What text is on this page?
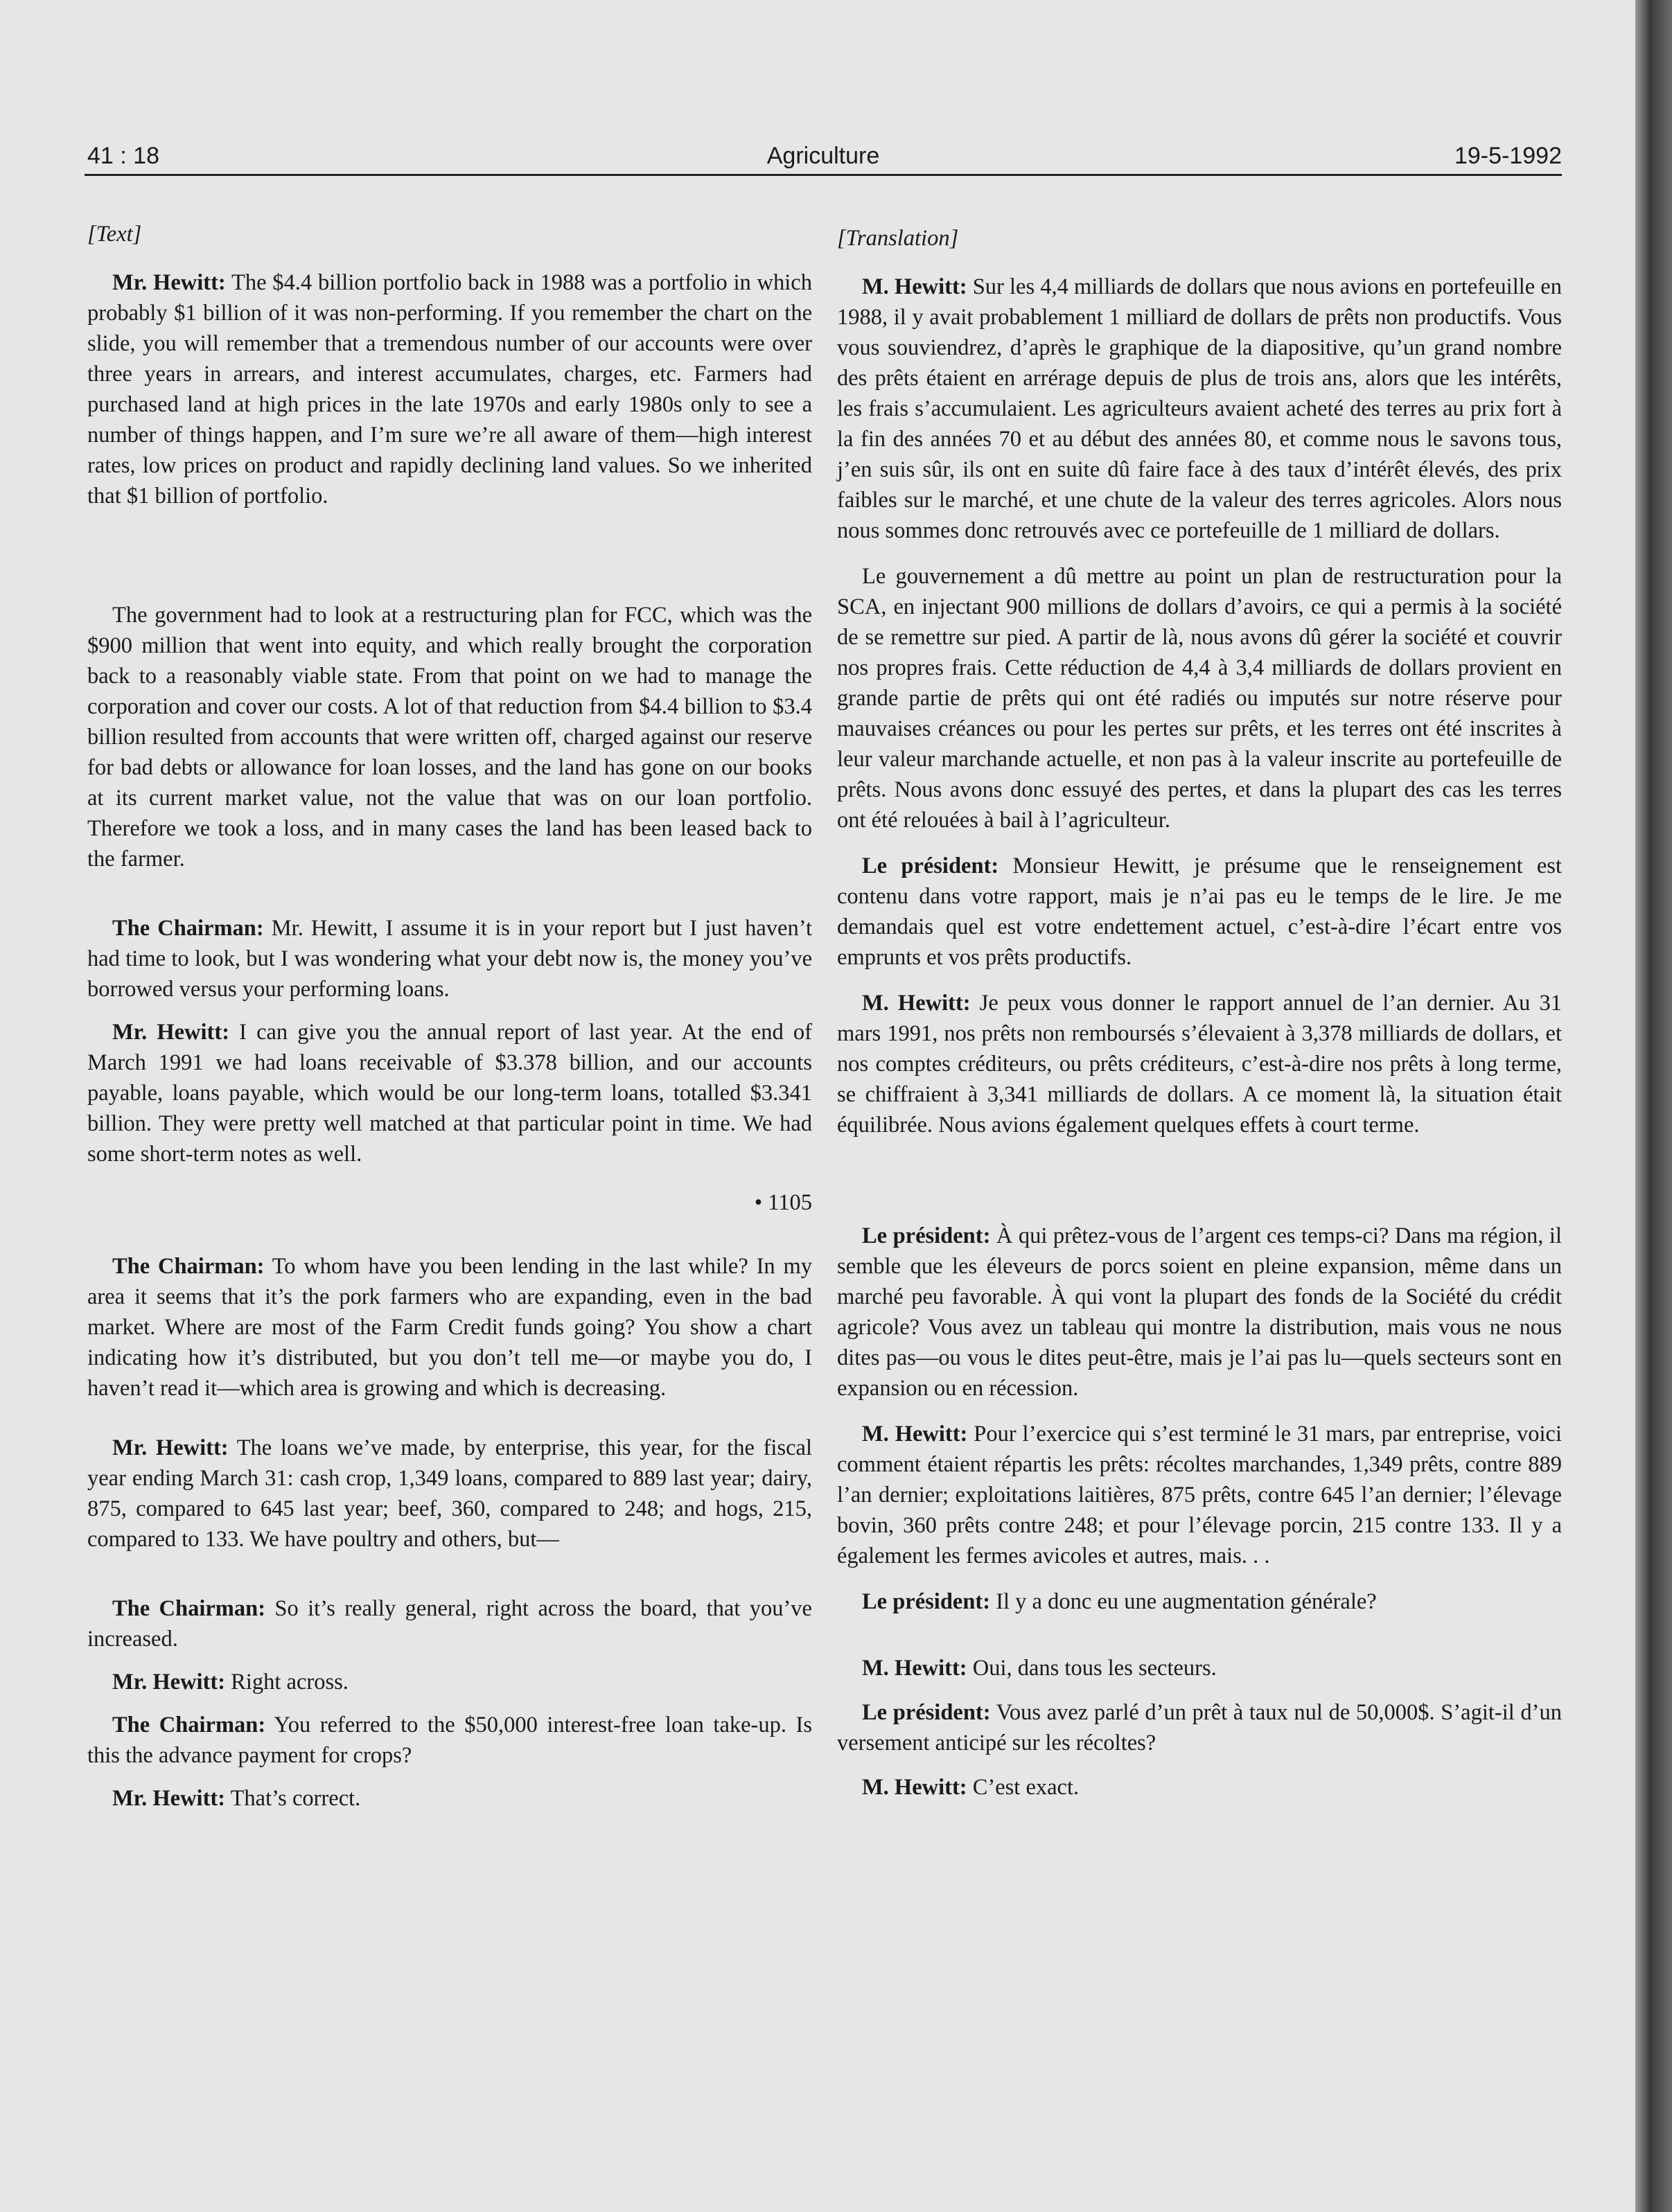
41 : 18	Agriculture	19-5-1992

[Text]

Mr. Hewitt: The $4.4 billion portfolio back in 1988 was a portfolio in which probably $1 billion of it was non-performing. If you remember the chart on the slide, you will remember that a tremendous number of our accounts were over three years in arrears, and interest accumulates, charges, etc. Farmers had purchased land at high prices in the late 1970s and early 1980s only to see a number of things happen, and I’m sure we’re all aware of them—high interest rates, low prices on product and rapidly declining land values. So we inherited that $1 billion of portfolio.

The government had to look at a restructuring plan for FCC, which was the $900 million that went into equity, and which really brought the corporation back to a reasonably viable state. From that point on we had to manage the corporation and cover our costs. A lot of that reduction from $4.4 billion to $3.4 billion resulted from accounts that were written off, charged against our reserve for bad debts or allowance for loan losses, and the land has gone on our books at its current market value, not the value that was on our loan portfolio. Therefore we took a loss, and in many cases the land has been leased back to the farmer.

The Chairman: Mr. Hewitt, I assume it is in your report but I just haven’t had time to look, but I was wondering what your debt now is, the money you’ve borrowed versus your performing loans.

Mr. Hewitt: I can give you the annual report of last year. At the end of March 1991 we had loans receivable of $3.378 billion, and our accounts payable, loans payable, which would be our long-term loans, totalled $3.341 billion. They were pretty well matched at that particular point in time. We had some short-term notes as well.

• 1105

The Chairman: To whom have you been lending in the last while? In my area it seems that it’s the pork farmers who are expanding, even in the bad market. Where are most of the Farm Credit funds going? You show a chart indicating how it’s distributed, but you don’t tell me—or maybe you do, I haven’t read it—which area is growing and which is decreasing.

Mr. Hewitt: The loans we’ve made, by enterprise, this year, for the fiscal year ending March 31: cash crop, 1,349 loans, compared to 889 last year; dairy, 875, compared to 645 last year; beef, 360, compared to 248; and hogs, 215, compared to 133. We have poultry and others, but—

The Chairman: So it’s really general, right across the board, that you’ve increased.

Mr. Hewitt: Right across.

The Chairman: You referred to the $50,000 interest-free loan take-up. Is this the advance payment for crops?

Mr. Hewitt: That’s correct.

[Translation]

M. Hewitt: Sur les 4,4 milliards de dollars que nous avions en portefeuille en 1988, il y avait probablement 1 milliard de dollars de prêts non productifs. Vous vous souviendrez, d’après le graphique de la diapositive, qu’un grand nombre des prêts étaient en arrérage depuis de plus de trois ans, alors que les intérêts, les frais s’accumulaient. Les agriculteurs avaient acheté des terres au prix fort à la fin des années 70 et au début des années 80, et comme nous le savons tous, j’en suis sûr, ils ont en suite dû faire face à des taux d’intérêt élevés, des prix faibles sur le marché, et une chute de la valeur des terres agricoles. Alors nous nous sommes donc retrouvés avec ce portefeuille de 1 milliard de dollars.

Le gouvernement a dû mettre au point un plan de restructuration pour la SCA, en injectant 900 millions de dollars d’avoirs, ce qui a permis à la société de se remettre sur pied. A partir de là, nous avons dû gérer la société et couvrir nos propres frais. Cette réduction de 4,4 à 3,4 milliards de dollars provient en grande partie de prêts qui ont été radiés ou imputés sur notre réserve pour mauvaises créances ou pour les pertes sur prêts, et les terres ont été inscrites à leur valeur marchande actuelle, et non pas à la valeur inscrite au portefeuille de prêts. Nous avons donc essuyé des pertes, et dans la plupart des cas les terres ont été relouées à bail à l’agriculteur.

Le président: Monsieur Hewitt, je présume que le renseignement est contenu dans votre rapport, mais je n’ai pas eu le temps de le lire. Je me demandais quel est votre endettement actuel, c’est-à-dire l’écart entre vos emprunts et vos prêts productifs.

M. Hewitt: Je peux vous donner le rapport annuel de l’an dernier. Au 31 mars 1991, nos prêts non remboursés s’élevaient à 3,378 milliards de dollars, et nos comptes créditeurs, ou prêts créditeurs, c’est-à-dire nos prêts à long terme, se chiffraient à 3,341 milliards de dollars. A ce moment là, la situation était équilibrée. Nous avions également quelques effets à court terme.

Le président: À qui prêtez-vous de l’argent ces temps-ci? Dans ma région, il semble que les éleveurs de porcs soient en pleine expansion, même dans un marché peu favorable. À qui vont la plupart des fonds de la Société du crédit agricole? Vous avez un tableau qui montre la distribution, mais vous ne nous dites pas—ou vous le dites peut-être, mais je l’ai pas lu—quels secteurs sont en expansion ou en récession.

M. Hewitt: Pour l’exercice qui s’est terminé le 31 mars, par entreprise, voici comment étaient répartis les prêts: récoltes marchandes, 1,349 prêts, contre 889 l’an dernier; exploitations laitières, 875 prêts, contre 645 l’an dernier; l’élevage bovin, 360 prêts contre 248; et pour l’élevage porcin, 215 contre 133. Il y a également les fermes avicoles et autres, mais. . .

Le président: Il y a donc eu une augmentation générale?

M. Hewitt: Oui, dans tous les secteurs.

Le président: Vous avez parlé d’un prêt à taux nul de 50,000$. S’agit-il d’un versement anticipé sur les récoltes?

M. Hewitt: C’est exact.
